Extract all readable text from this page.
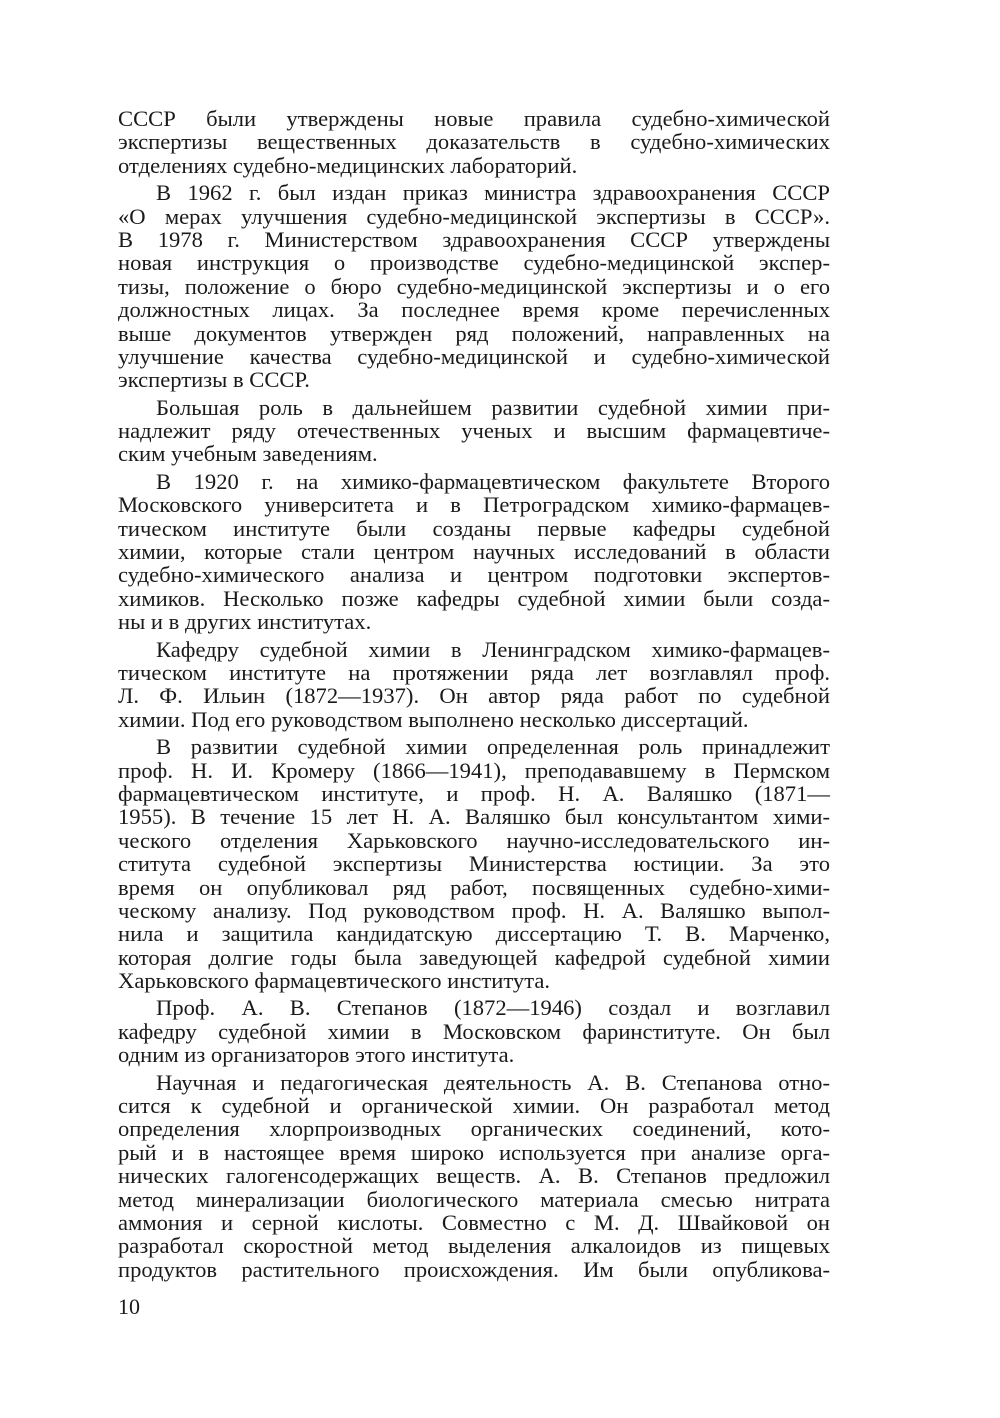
СССР были утверждены новые правила судебно-химической
экспертизы вещественных доказательств в судебно-химических
отделениях судебно-медицинских лабораторий.
В 1962 г. был издан приказ министра здравоохранения СССР
«О мерах улучшения судебно-медицинской экспертизы в СССР».
В 1978 г. Министерством здравоохранения СССР утверждены
новая инструкция о производстве судебно-медицинской экспер-
тизы, положение о бюро судебно-медицинской экспертизы и о его
должностных лицах. За последнее время кроме перечисленных
выше документов утвержден ряд положений, направленных на
улучшение качества судебно-медицинской и судебно-химической
экспертизы в СССР.
Большая роль в дальнейшем развитии судебной химии при-
надлежит ряду отечественных ученых и высшим фармацевтиче-
ским учебным заведениям.
В 1920 г. на химико-фармацевтическом факультете Второго
Московского университета и в Петроградском химико-фармацев-
тическом институте были созданы первые кафедры судебной
химии, которые стали центром научных исследований в области
судебно-химического анализа и центром подготовки экспертов-
химиков. Несколько позже кафедры судебной химии были созда-
ны и в других институтах.
Кафедру судебной химии в Ленинградском химико-фармацев-
тическом институте на протяжении ряда лет возглавлял проф.
Л. Ф. Ильин (1872—1937). Он автор ряда работ по судебной
химии. Под его руководством выполнено несколько диссертаций.
В развитии судебной химии определенная роль принадлежит
проф. Н. И. Кромеру (1866—1941), преподававшему в Пермском
фармацевтическом институте, и проф. Н. А. Валяшко (1871—
1955). В течение 15 лет Н. А. Валяшко был консультантом хими-
ческого отделения Харьковского научно-исследовательского ин-
ститута судебной экспертизы Министерства юстиции. За это
время он опубликовал ряд работ, посвященных судебно-хими-
ческому анализу. Под руководством проф. Н. А. Валяшко выпол-
нила и защитила кандидатскую диссертацию Т. В. Марченко,
которая долгие годы была заведующей кафедрой судебной химии
Харьковского фармацевтического института.
Проф. А. В. Степанов (1872—1946) создал и возглавил
кафедру судебной химии в Московском фаринституте. Он был
одним из организаторов этого института.
Научная и педагогическая деятельность А. В. Степанова отно-
сится к судебной и органической химии. Он разработал метод
определения хлорпроизводных органических соединений, кото-
рый и в настоящее время широко используется при анализе орга-
нических галогенсодержащих веществ. А. В. Степанов предложил
метод минерализации биологического материала смесью нитрата
аммония и серной кислоты. Совместно с М. Д. Швайковой он
разработал скоростной метод выделения алкалоидов из пищевых
продуктов растительного происхождения. Им были опубликова-
10
